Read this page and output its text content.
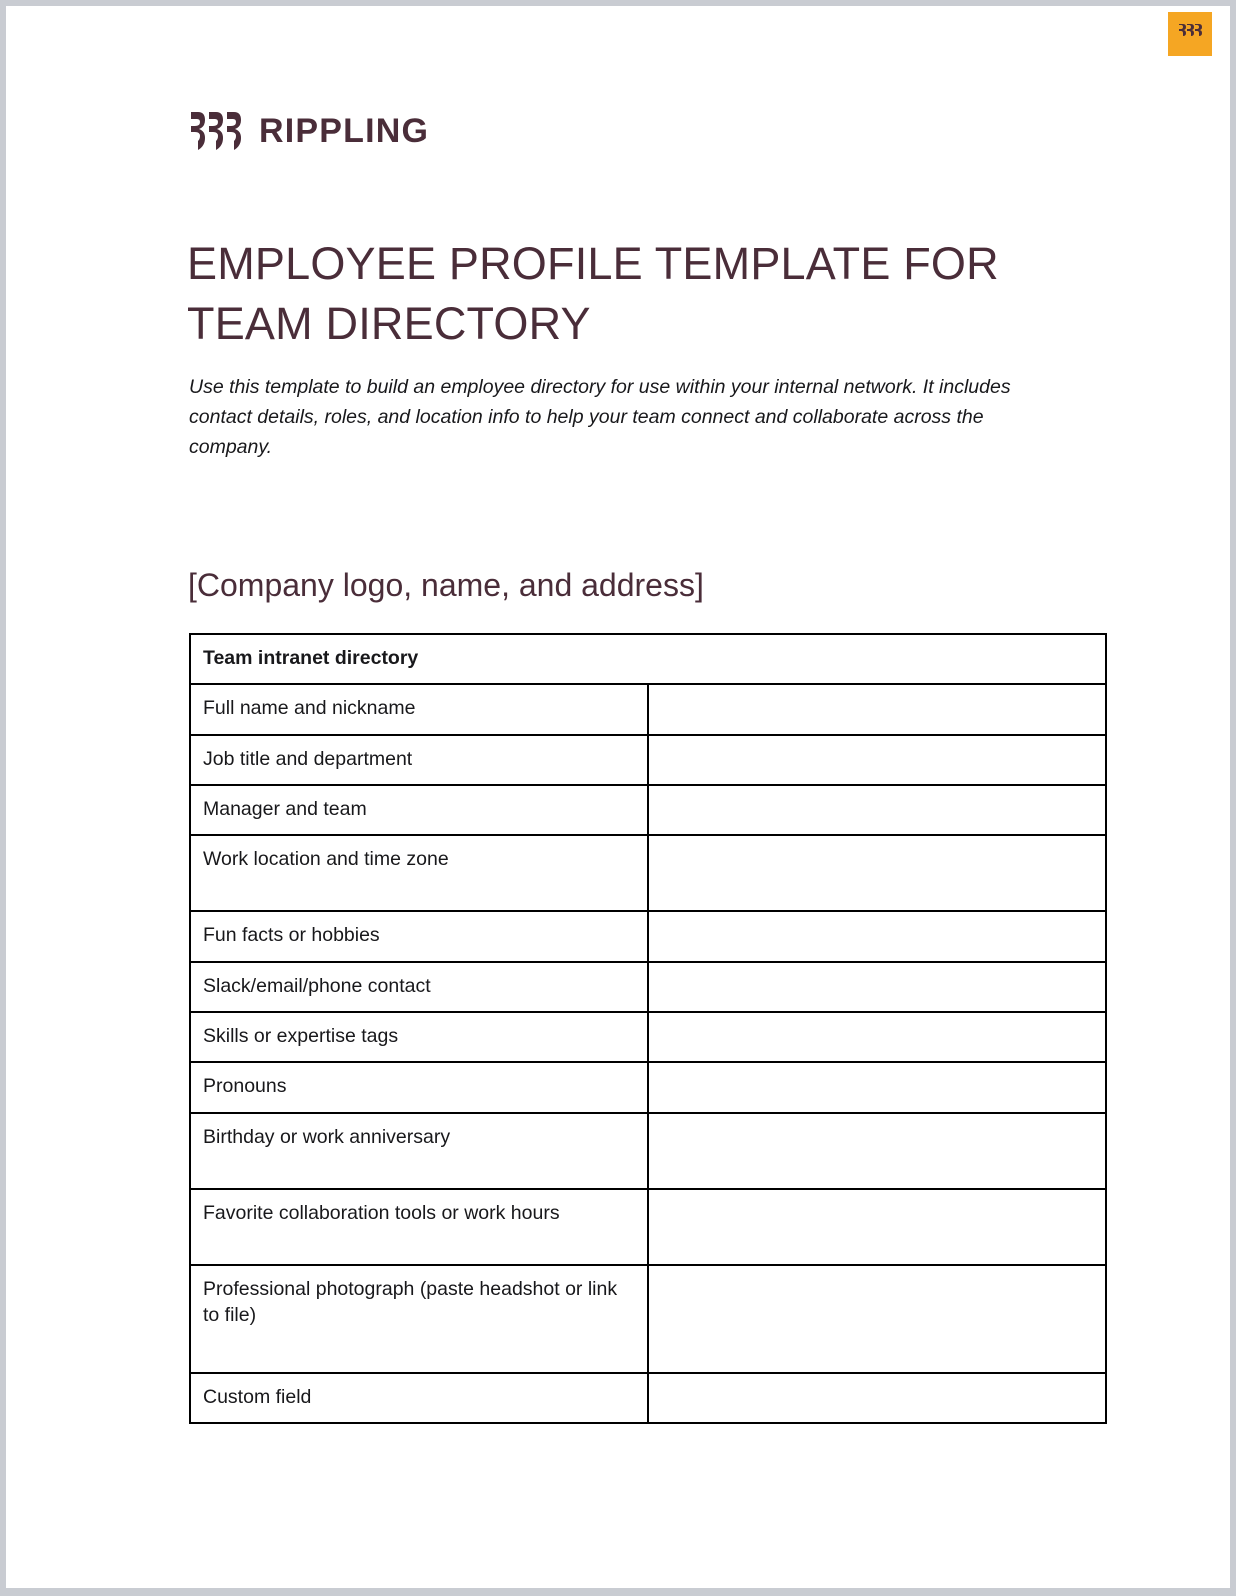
RIPPLING
EMPLOYEE PROFILE TEMPLATE FOR TEAM DIRECTORY

Use this template to build an employee directory for use within your internal network. It includes contact details, roles, and location info to help your team connect and collaborate across the company.

[Company logo, name, and address]
Team intranet directory	
Full name and nickname	
Job title and department	
Manager and team	
Work location and time zone	
Fun facts or hobbies	
Slack/email/phone contact	
Skills or expertise tags	
Pronouns	
Birthday or work anniversary	
Favorite collaboration tools or work hours	
Professional photograph (paste headshot or link to file)	
Custom field	
